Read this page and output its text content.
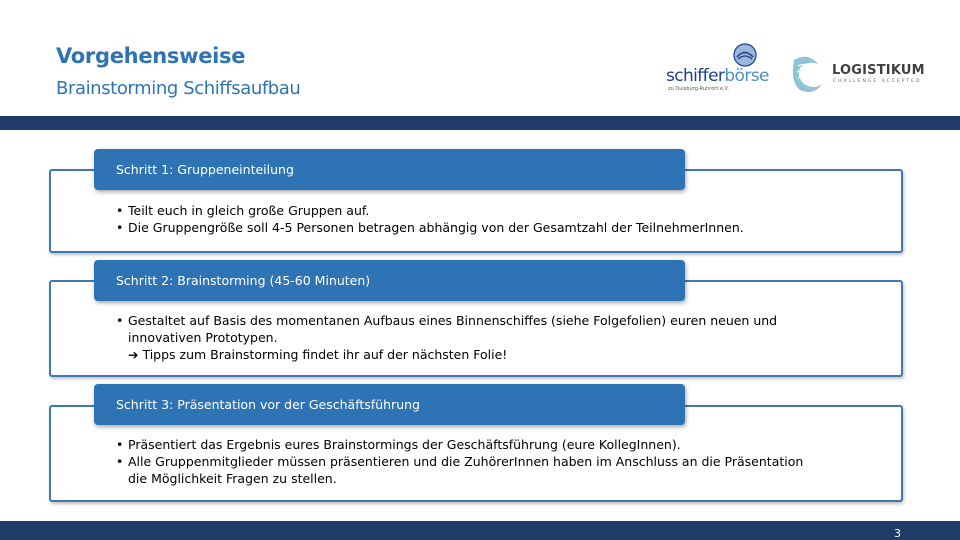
Vorgehensweise
Brainstorming Schiffsaufbau
schifferbörse
zu Duisburg-Ruhrort e.V.
LOGISTIKUM
CHALLENGE ACCEPTED
Schritt 1: Gruppeneinteilung
• Teilt euch in gleich große Gruppen auf.
• Die Gruppengröße soll 4-5 Personen betragen abhängig von der Gesamtzahl der TeilnehmerInnen.
Schritt 2: Brainstorming (45-60 Minuten)
• Gestaltet auf Basis des momentanen Aufbaus eines Binnenschiffes (siehe Folgefolien) euren neuen und
innovativen Prototypen.
➔ Tipps zum Brainstorming findet ihr auf der nächsten Folie!
Schritt 3: Präsentation vor der Geschäftsführung
• Präsentiert das Ergebnis eures Brainstormings der Geschäftsführung (eure KollegInnen).
• Alle Gruppenmitglieder müssen präsentieren und die ZuhörerInnen haben im Anschluss an die Präsentation
die Möglichkeit Fragen zu stellen.
3
